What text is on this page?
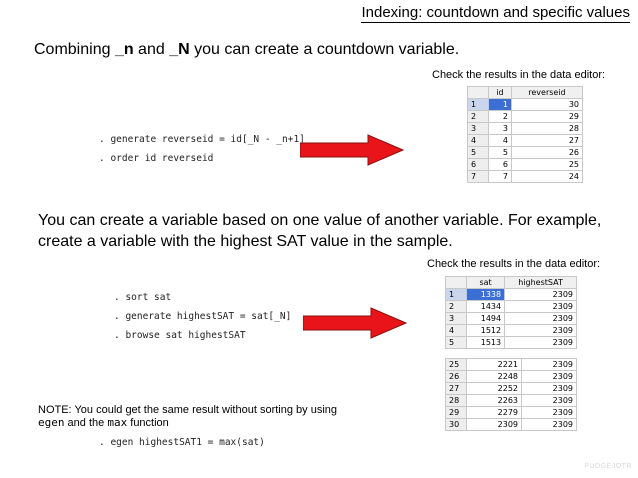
Indexing: countdown and specific values
Combining _n and _N you can create a countdown variable.
Check the results in the data editor:
. generate reverseid = id[_N - _n+1]
. order id reverseid
	id	reverseid
1	1	30
2	2	29
3	3	28
4	4	27
5	5	26
6	6	25
7	7	24
You can create a variable based on one value of another variable. For example, create a variable with the highest SAT value in the sample.
Check the results in the data editor:
. sort sat
. generate highestSAT = sat[_N]
. browse sat highestSAT
	sat	highestSAT
1	1338	2309
2	1434	2309
3	1494	2309
4	1512	2309
5	1513	2309
25	2221	2309
26	2248	2309
27	2252	2309
28	2263	2309
29	2279	2309
30	2309	2309
NOTE: You could get the same result without sorting by using
egen and the max function
. egen highestSAT1 = max(sat)
PUDGEJOTR
